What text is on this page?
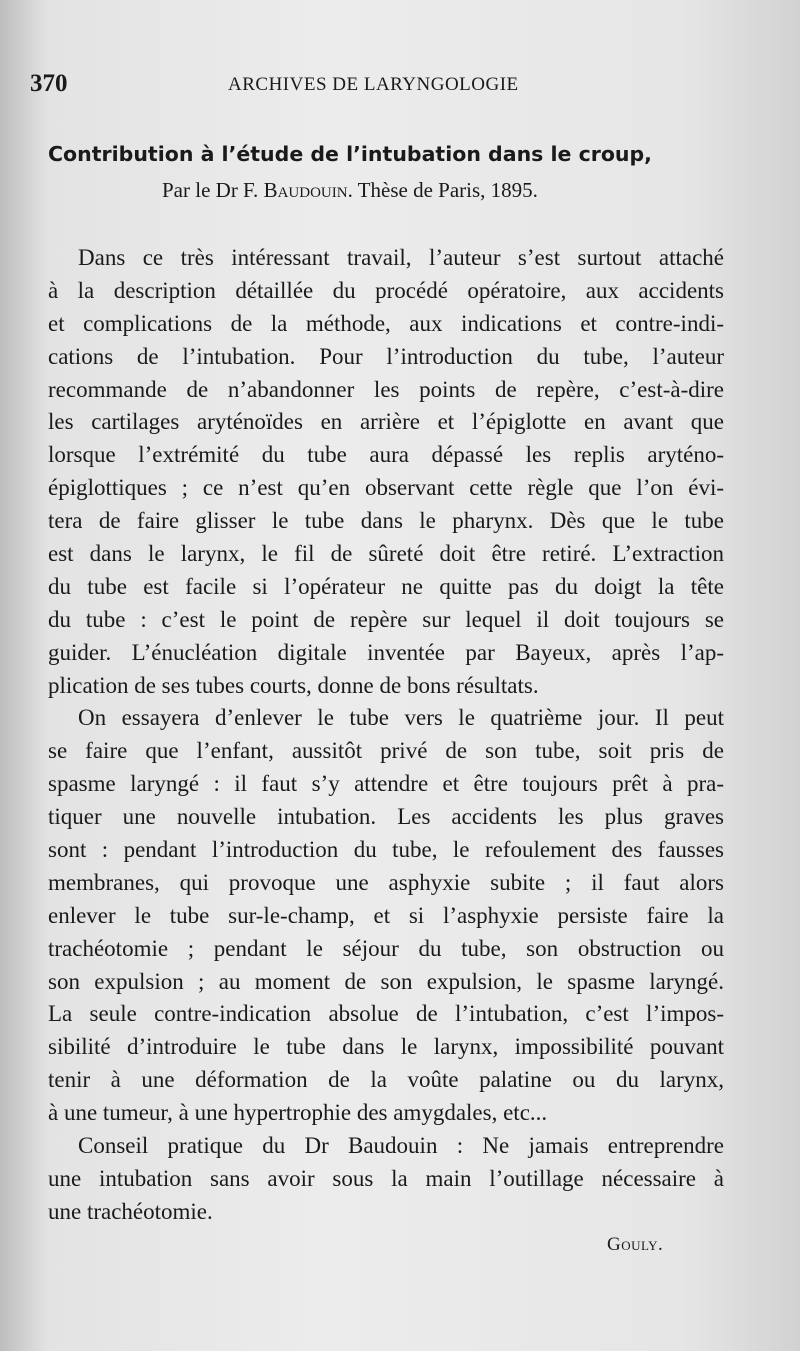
370	ARCHIVES DE LARYNGOLOGIE
Contribution à l’étude de l’intubation dans le croup,
Par le Dr F. Baudouin. Thèse de Paris, 1895.
Dans ce très intéressant travail, l’auteur s’est surtout attaché
à la description détaillée du procédé opératoire, aux accidents
et complications de la méthode, aux indications et contre-indi-
cations de l’intubation. Pour l’introduction du tube, l’auteur
recommande de n’abandonner les points de repère, c’est-à-dire
les cartilages aryténoïdes en arrière et l’épiglotte en avant que
lorsque l’extrémité du tube aura dépassé les replis aryténo-
épiglottiques ; ce n’est qu’en observant cette règle que l’on évi-
tera de faire glisser le tube dans le pharynx. Dès que le tube
est dans le larynx, le fil de sûreté doit être retiré. L’extraction
du tube est facile si l’opérateur ne quitte pas du doigt la tête
du tube : c’est le point de repère sur lequel il doit toujours se
guider. L’énucléation digitale inventée par Bayeux, après l’ap-
plication de ses tubes courts, donne de bons résultats.
On essayera d’enlever le tube vers le quatrième jour. Il peut
se faire que l’enfant, aussitôt privé de son tube, soit pris de
spasme laryngé : il faut s’y attendre et être toujours prêt à pra-
tiquer une nouvelle intubation. Les accidents les plus graves
sont : pendant l’introduction du tube, le refoulement des fausses
membranes, qui provoque une asphyxie subite ; il faut alors
enlever le tube sur-le-champ, et si l’asphyxie persiste faire la
trachéotomie ; pendant le séjour du tube, son obstruction ou
son expulsion ; au moment de son expulsion, le spasme laryngé.
La seule contre-indication absolue de l’intubation, c’est l’impos-
sibilité d’introduire le tube dans le larynx, impossibilité pouvant
tenir à une déformation de la voûte palatine ou du larynx,
à une tumeur, à une hypertrophie des amygdales, etc...
Conseil pratique du Dr Baudouin : Ne jamais entreprendre
une intubation sans avoir sous la main l’outillage nécessaire à
une trachéotomie.
Gouly.
